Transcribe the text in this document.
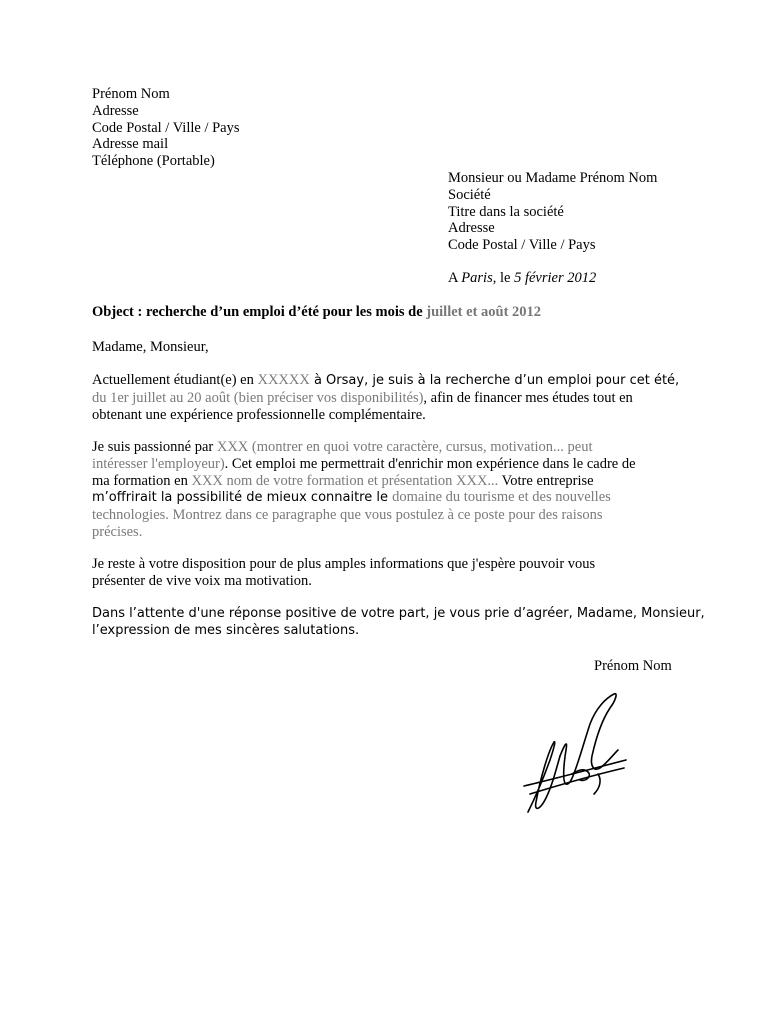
Prénom Nom
Adresse
Code Postal / Ville / Pays
Adresse mail
Téléphone (Portable)
Monsieur ou Madame Prénom Nom
Société
Titre dans la société
Adresse
Code Postal / Ville / Pays
A Paris, le 5 février 2012
Object : recherche d’un emploi d’été pour les mois de juillet et août 2012
Madame, Monsieur,
Actuellement étudiant(e) en XXXXX à Orsay, je suis à la recherche d’un emploi pour cet été,
du 1er juillet au 20 août (bien préciser vos disponibilités), afin de financer mes études tout en
obtenant une expérience professionnelle complémentaire.
Je suis passionné par XXX (montrer en quoi votre caractère, cursus, motivation... peut
intéresser l'employeur). Cet emploi me permettrait d'enrichir mon expérience dans le cadre de
ma formation en XXX nom de votre formation et présentation XXX... Votre entreprise
m’offrirait la possibilité de mieux connaitre le domaine du tourisme et des nouvelles
technologies. Montrez dans ce paragraphe que vous postulez à ce poste pour des raisons
précises.
Je reste à votre disposition pour de plus amples informations que j'espère pouvoir vous
présenter de vive voix ma motivation.
Dans l’attente d'une réponse positive de votre part, je vous prie d’agréer, Madame, Monsieur,
l’expression de mes sincères salutations.
Prénom Nom
